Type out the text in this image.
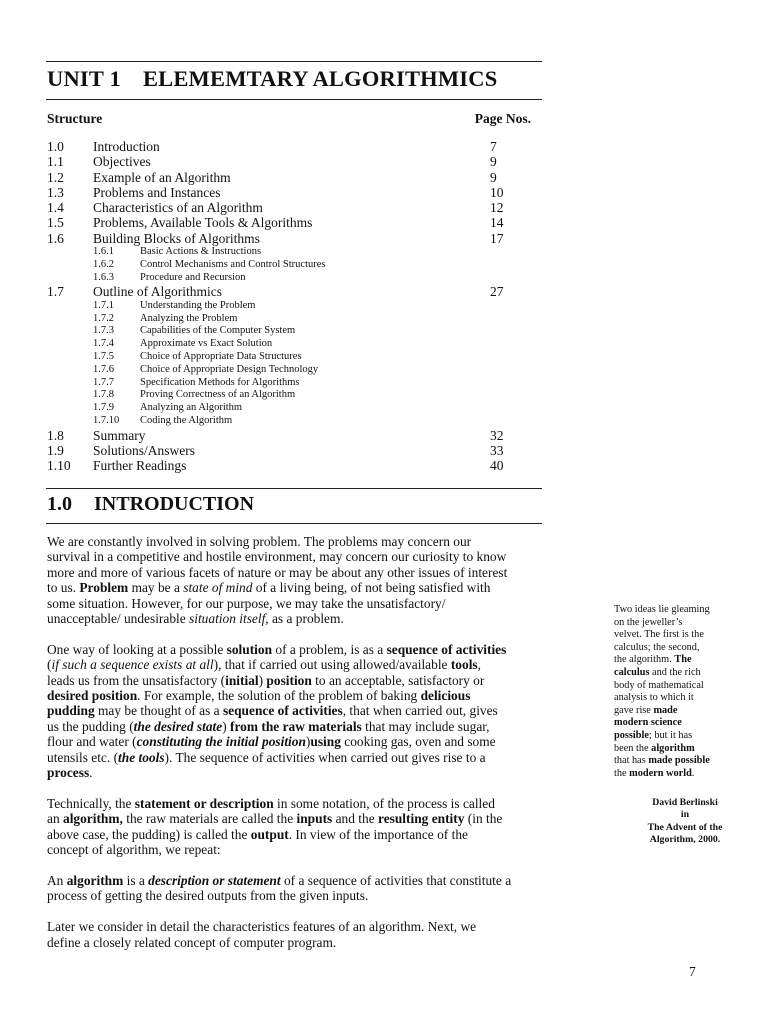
UNIT 1 ELEMEMTARY ALGORITHMICS
Structure	Page Nos.
1.0 Introduction	7
1.1 Objectives	9
1.2 Example of an Algorithm	9
1.3 Problems and Instances	10
1.4 Characteristics of an Algorithm	12
1.5 Problems, Available Tools & Algorithms	14
1.6 Building Blocks of Algorithms	17
1.6.1 Basic Actions & Instructions
1.6.2 Control Mechanisms and Control Structures
1.6.3 Procedure and Recursion
1.7 Outline of Algorithmics	27
1.7.1 Understanding the Problem
1.7.2 Analyzing the Problem
1.7.3 Capabilities of the Computer System
1.7.4 Approximate vs Exact Solution
1.7.5 Choice of Appropriate Data Structures
1.7.6 Choice of Appropriate Design Technology
1.7.7 Specification Methods for Algorithms
1.7.8 Proving Correctness of an Algorithm
1.7.9 Analyzing an Algorithm
1.7.10 Coding the Algorithm
1.8 Summary	32
1.9 Solutions/Answers	33
1.10 Further Readings	40
1.0 INTRODUCTION

We are constantly involved in solving problem. The problems may concern our
survival in a competitive and hostile environment, may concern our curiosity to know
more and more of various facets of nature or may be about any other issues of interest
to us. Problem may be a state of mind of a living being, of not being satisfied with
some situation. However, for our purpose, we may take the unsatisfactory/
unacceptable/ undesirable situation itself, as a problem.

One way of looking at a possible solution of a problem, is as a sequence of activities
(if such a sequence exists at all), that if carried out using allowed/available tools,
leads us from the unsatisfactory (initial) position to an acceptable, satisfactory or
desired position. For example, the solution of the problem of baking delicious
pudding may be thought of as a sequence of activities, that when carried out, gives
us the pudding (the desired state) from the raw materials that may include sugar,
flour and water (constituting the initial position)using cooking gas, oven and some
utensils etc. (the tools). The sequence of activities when carried out gives rise to a
process.

Technically, the statement or description in some notation, of the process is called
an algorithm, the raw materials are called the inputs and the resulting entity (in the
above case, the pudding) is called the output. In view of the importance of the
concept of algorithm, we repeat:

An algorithm is a description or statement of a sequence of activities that constitute a
process of getting the desired outputs from the given inputs.

Later we consider in detail the characteristics features of an algorithm. Next, we
define a closely related concept of computer program.

Two ideas lie gleaming

on the jeweller’s

velvet. The first is the

calculus; the second,

the algorithm. The

calculus and the rich

body of mathematical

analysis to which it

gave rise made

modern science

possible; but it has

been the algorithm

that has made possible

the modern world.

David Berlinski
in
The Advent of the
Algorithm, 2000.
7
